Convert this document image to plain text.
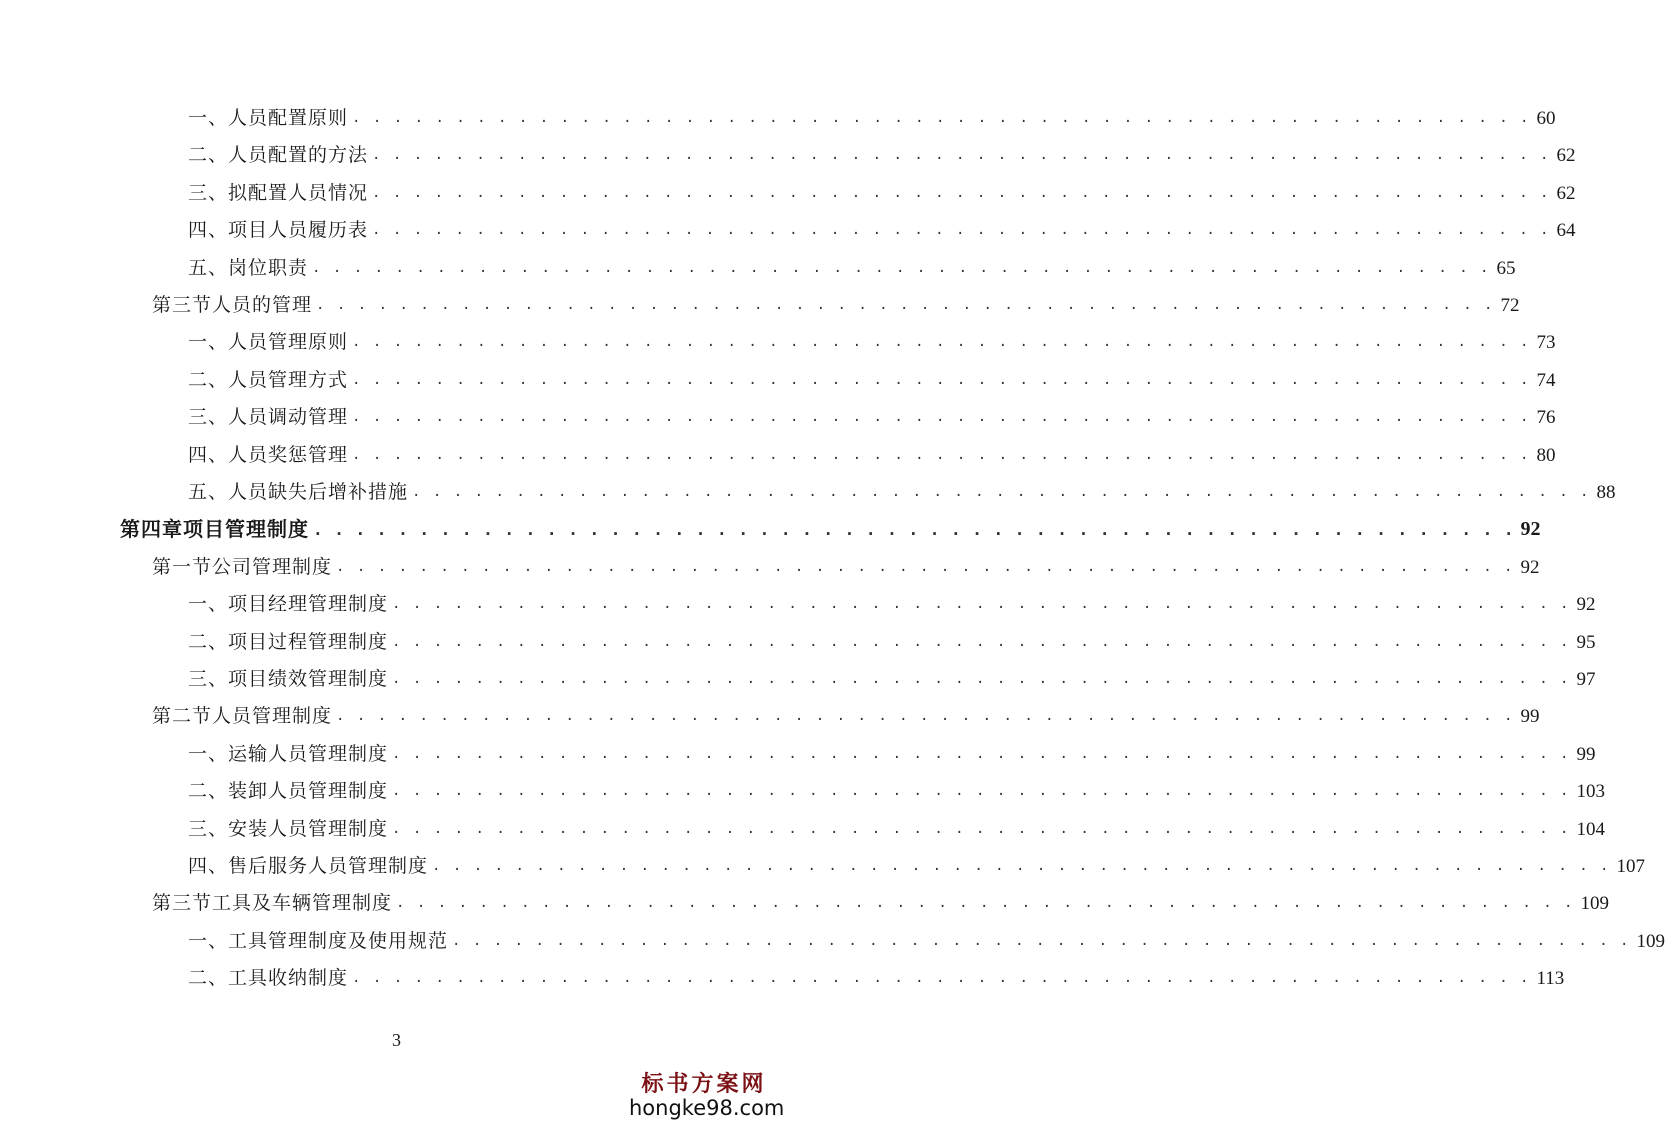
一、 人员配置原则 . . . . . . . . . . . . . . . . . . . . . . . . . . . . . . . . . . . . . . . . . . . . . . . . . . . . . . . . . 60
二、 人员配置的方法 . . . . . . . . . . . . . . . . . . . . . . . . . . . . . . . . . . . . . . . . . . . . . . . . . . . . . . . . . 62
三、 拟配置人员情况 . . . . . . . . . . . . . . . . . . . . . . . . . . . . . . . . . . . . . . . . . . . . . . . . . . . . . . . . . 62
四、 项目人员履历表 . . . . . . . . . . . . . . . . . . . . . . . . . . . . . . . . . . . . . . . . . . . . . . . . . . . . . . . . . 64
五、 岗位职责 . . . . . . . . . . . . . . . . . . . . . . . . . . . . . . . . . . . . . . . . . . . . . . . . . . . . . . . . . 65
第三节 人员的管理 . . . . . . . . . . . . . . . . . . . . . . . . . . . . . . . . . . . . . . . . . . . . . . . . . . . . . . . . . 72
一、 人员管理原则 . . . . . . . . . . . . . . . . . . . . . . . . . . . . . . . . . . . . . . . . . . . . . . . . . . . . . . . . . 73
二、 人员管理方式 . . . . . . . . . . . . . . . . . . . . . . . . . . . . . . . . . . . . . . . . . . . . . . . . . . . . . . . . . 74
三、 人员调动管理 . . . . . . . . . . . . . . . . . . . . . . . . . . . . . . . . . . . . . . . . . . . . . . . . . . . . . . . . . 76
四、 人员奖惩管理 . . . . . . . . . . . . . . . . . . . . . . . . . . . . . . . . . . . . . . . . . . . . . . . . . . . . . . . . . 80
五、 人员缺失后增补措施 . . . . . . . . . . . . . . . . . . . . . . . . . . . . . . . . . . . . . . . . . . . . . . . . . . . . . . . . . 88
第四章 项目管理制度 . . . . . . . . . . . . . . . . . . . . . . . . . . . . . . . . . . . . . . . . . . . . . . . . . . . . . . . . . 92
第一节 公司管理制度 . . . . . . . . . . . . . . . . . . . . . . . . . . . . . . . . . . . . . . . . . . . . . . . . . . . . . . . . . 92
一、 项目经理管理制度 . . . . . . . . . . . . . . . . . . . . . . . . . . . . . . . . . . . . . . . . . . . . . . . . . . . . . . . . . 92
二、 项目过程管理制度 . . . . . . . . . . . . . . . . . . . . . . . . . . . . . . . . . . . . . . . . . . . . . . . . . . . . . . . . . 95
三、 项目绩效管理制度 . . . . . . . . . . . . . . . . . . . . . . . . . . . . . . . . . . . . . . . . . . . . . . . . . . . . . . . . . 97
第二节 人员管理制度 . . . . . . . . . . . . . . . . . . . . . . . . . . . . . . . . . . . . . . . . . . . . . . . . . . . . . . . . . 99
一、 运输人员管理制度 . . . . . . . . . . . . . . . . . . . . . . . . . . . . . . . . . . . . . . . . . . . . . . . . . . . . . . . . . 99
二、 装卸人员管理制度 . . . . . . . . . . . . . . . . . . . . . . . . . . . . . . . . . . . . . . . . . . . . . . . . . . . . . . . . . 103
三、 安装人员管理制度 . . . . . . . . . . . . . . . . . . . . . . . . . . . . . . . . . . . . . . . . . . . . . . . . . . . . . . . . . 104
四、 售后服务人员管理制度 . . . . . . . . . . . . . . . . . . . . . . . . . . . . . . . . . . . . . . . . . . . . . . . . . . . . . . . . . 107
第三节 工具及车辆管理制度 . . . . . . . . . . . . . . . . . . . . . . . . . . . . . . . . . . . . . . . . . . . . . . . . . . . . . . . . . 109
一、 工具管理制度及使用规范 . . . . . . . . . . . . . . . . . . . . . . . . . . . . . . . . . . . . . . . . . . . . . . . . . . . . . . . . . 109
二、 工具收纳制度 . . . . . . . . . . . . . . . . . . . . . . . . . . . . . . . . . . . . . . . . . . . . . . . . . . . . . . . . . 113
3
标书方案网
hongke98.com
